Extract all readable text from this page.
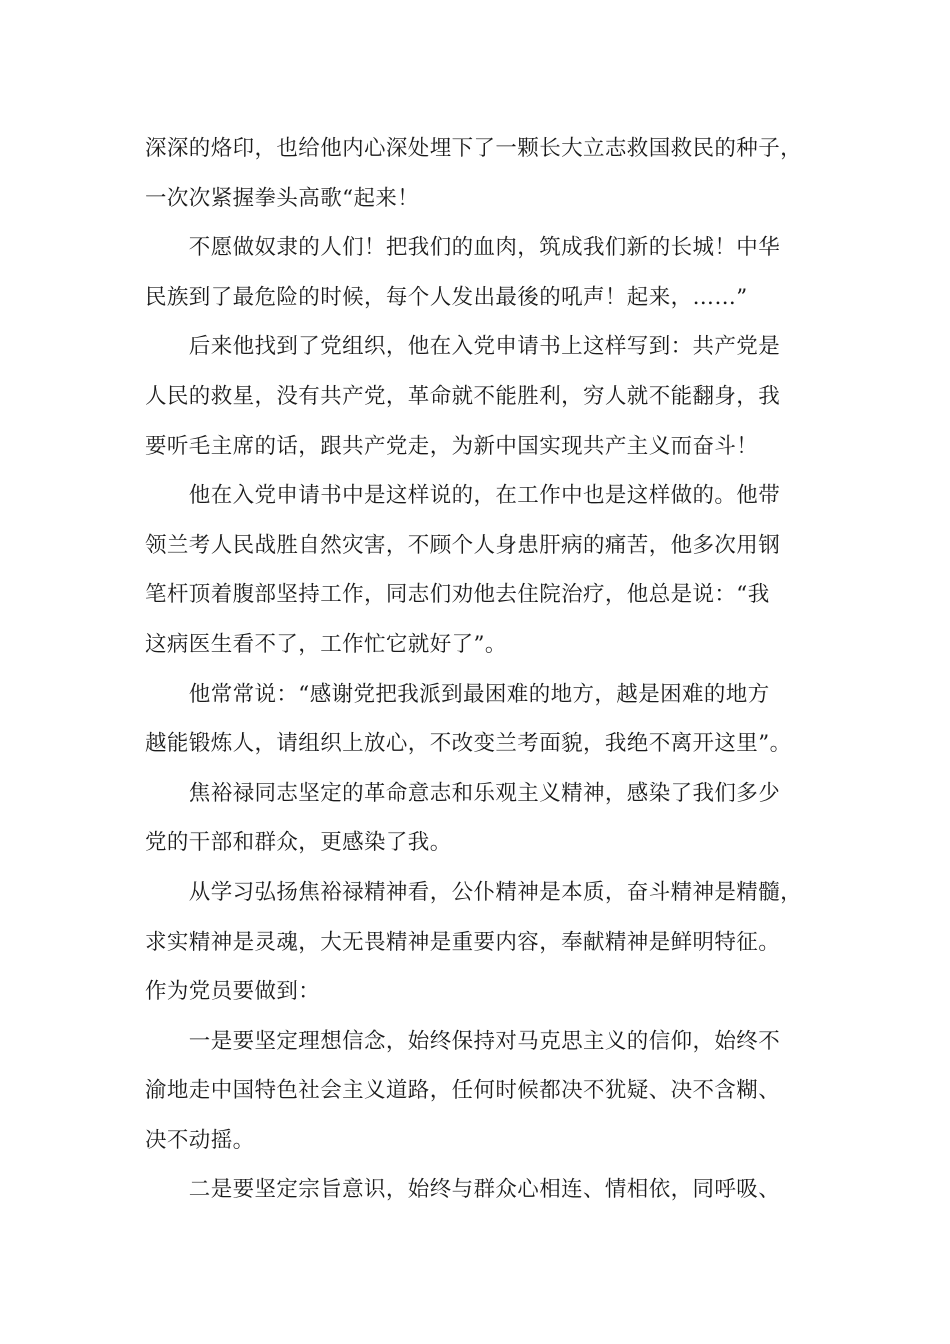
深深的烙印，也给他内心深处埋下了一颗长大立志救国救民的种子，
一次次紧握拳头高歌“起来！
　　不愿做奴隶的人们！把我们的血肉，筑成我们新的长城！中华
民族到了最危险的时候，每个人发出最後的吼声！起来，……”
　　后来他找到了党组织，他在入党申请书上这样写到：共产党是
人民的救星，没有共产党，革命就不能胜利，穷人就不能翻身，我
要听毛主席的话，跟共产党走，为新中国实现共产主义而奋斗！
　　他在入党申请书中是这样说的，在工作中也是这样做的。他带
领兰考人民战胜自然灾害，不顾个人身患肝病的痛苦，他多次用钢
笔杆顶着腹部坚持工作，同志们劝他去住院治疗，他总是说：“我
这病医生看不了，工作忙它就好了”。
　　他常常说：“感谢党把我派到最困难的地方，越是困难的地方
越能锻炼人，请组织上放心，不改变兰考面貌，我绝不离开这里”。
　　焦裕禄同志坚定的革命意志和乐观主义精神，感染了我们多少
党的干部和群众，更感染了我。
　　从学习弘扬焦裕禄精神看，公仆精神是本质，奋斗精神是精髓，
求实精神是灵魂，大无畏精神是重要内容，奉献精神是鲜明特征。
作为党员要做到：
　　一是要坚定理想信念，始终保持对马克思主义的信仰，始终不
渝地走中国特色社会主义道路，任何时候都决不犹疑、决不含糊、
决不动摇。
　　二是要坚定宗旨意识，始终与群众心相连、情相依，同呼吸、
